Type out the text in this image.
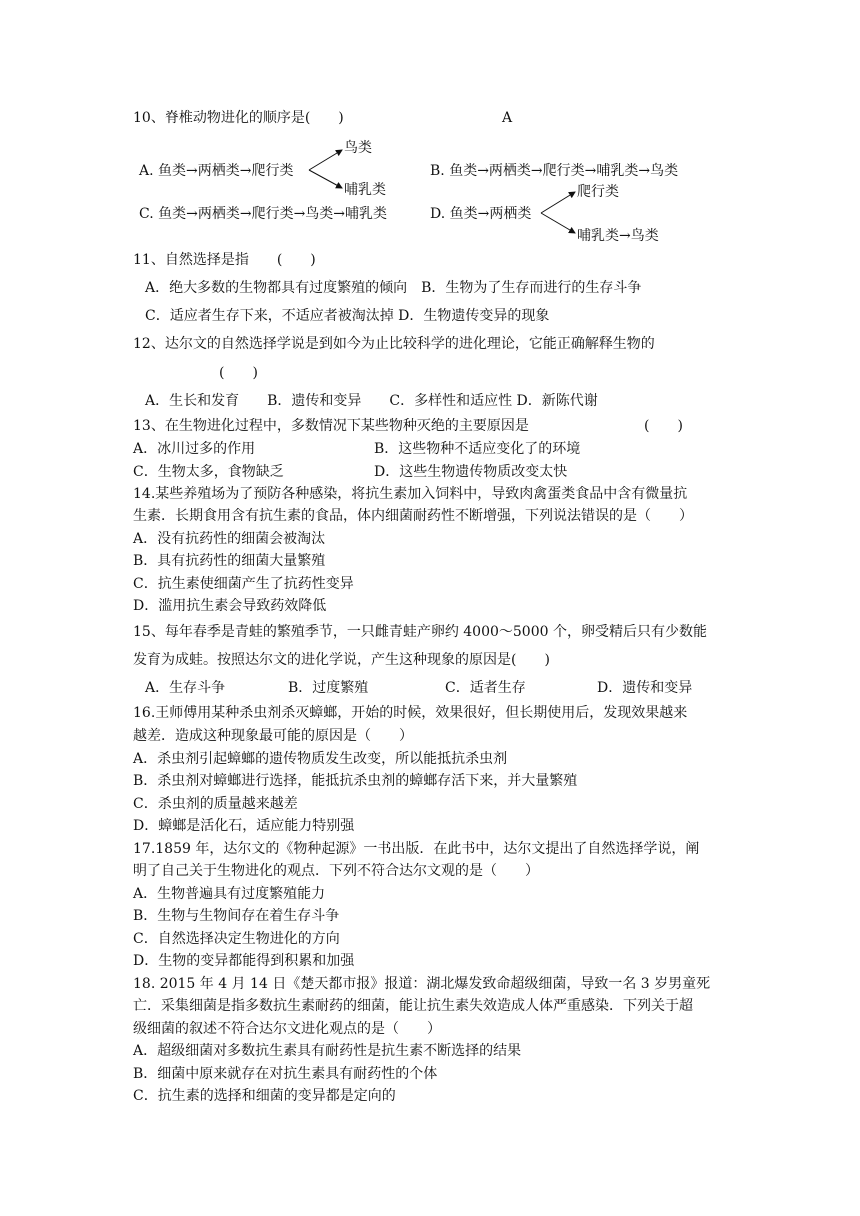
10、脊椎动物进化的顺序是(　　)	A
A. 鱼类→两栖类→爬行类
鸟类
哺乳类
B. 鱼类→两栖类→爬行类→哺乳类→鸟类
C. 鱼类→两栖类→爬行类→鸟类→哺乳类	D. 鱼类→两栖类
爬行类
哺乳类→鸟类
11、自然选择是指　　(　　)
A．绝大多数的生物都具有过度繁殖的倾向　B．生物为了生存而进行的生存斗争
C．适应者生存下来，不适应者被淘汰掉 D．生物遗传变异的现象
12、达尔文的自然选择学说是到如今为止比较科学的进化理论，它能正确解释生物的
(　　)
A．生长和发育　　B．遗传和变异　　C．多样性和适应性 D．新陈代谢
13、在生物进化过程中，多数情况下某些物种灭绝的主要原因是	(　　)
A．冰川过多的作用	B．这些物种不适应变化了的环境
C．生物太多，食物缺乏	D．这些生物遗传物质改变太快
14.某些养殖场为了预防各种感染，将抗生素加入饲料中，导致肉禽蛋类食品中含有微量抗
生素．长期食用含有抗生素的食品，体内细菌耐药性不断增强，下列说法错误的是（　　）
A．没有抗药性的细菌会被淘汰
B．具有抗药性的细菌大量繁殖
C．抗生素使细菌产生了抗药性变异
D．滥用抗生素会导致药效降低
15、每年春季是青蛙的繁殖季节，一只雌青蛙产卵约 4000～5000 个，卵受精后只有少数能
发育为成蛙。按照达尔文的进化学说，产生这种现象的原因是(　　)
A．生存斗争	B．过度繁殖	C．适者生存	D．遗传和变异
16.王师傅用某种杀虫剂杀灭蟑螂，开始的时候，效果很好，但长期使用后，发现效果越来
越差．造成这种现象最可能的原因是（　　）
A．杀虫剂引起蟑螂的遗传物质发生改变，所以能抵抗杀虫剂
B．杀虫剂对蟑螂进行选择，能抵抗杀虫剂的蟑螂存活下来，并大量繁殖
C．杀虫剂的质量越来越差
D．蟑螂是活化石，适应能力特别强
17.1859 年，达尔文的《物种起源》一书出版．在此书中，达尔文提出了自然选择学说，阐
明了自己关于生物进化的观点．下列不符合达尔文观的是（　　）
A．生物普遍具有过度繁殖能力
B．生物与生物间存在着生存斗争
C．自然选择决定生物进化的方向
D．生物的变异都能得到积累和加强
18. 2015 年 4 月 14 日《楚天都市报》报道：湖北爆发致命超级细菌，导致一名 3 岁男童死
亡．采集细菌是指多数抗生素耐药的细菌，能让抗生素失效造成人体严重感染．下列关于超
级细菌的叙述不符合达尔文进化观点的是（　　）
A．超级细菌对多数抗生素具有耐药性是抗生素不断选择的结果
B．细菌中原来就存在对抗生素具有耐药性的个体
C．抗生素的选择和细菌的变异都是定向的
